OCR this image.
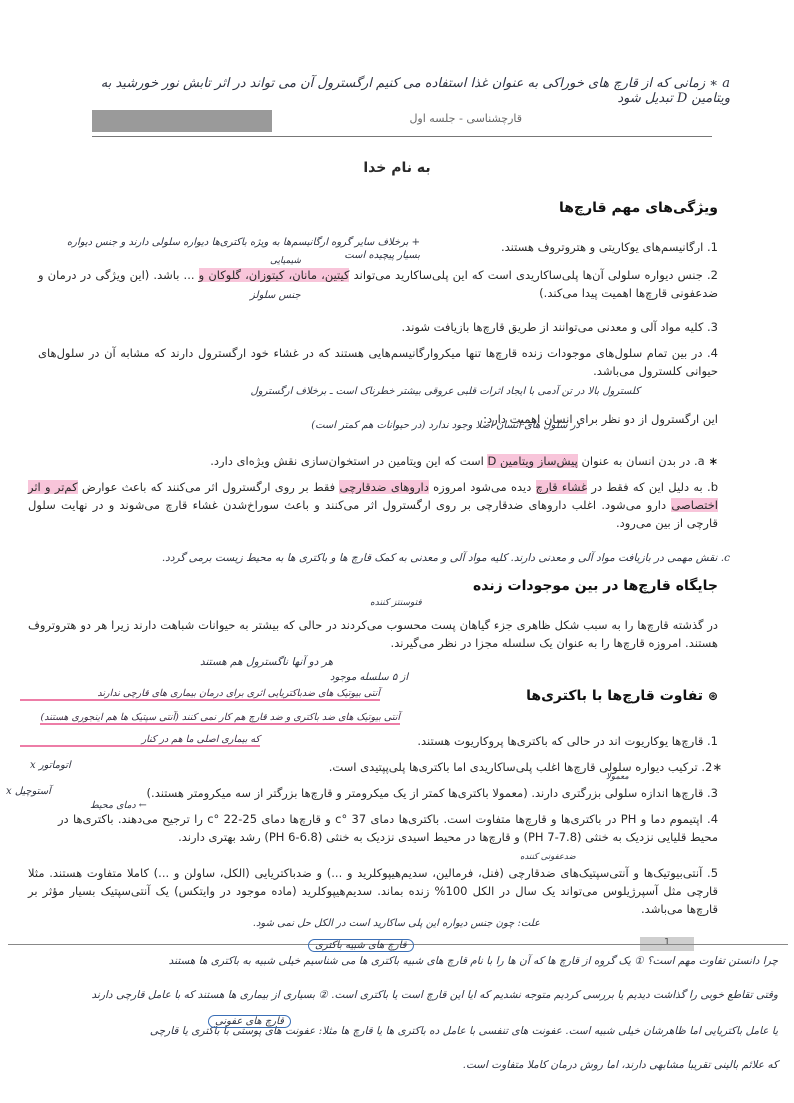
a ∗ زمانی که از قارچ های خوراکی به عنوان غذا استفاده می کنیم ارگسترول آن می تواند در اثر تابش نور خورشید به ویتامین D تبدیل شود
قارچشناسی - جلسه اول
به نام خدا
ویژگی‌های مهم قارچ‌ها
1. ارگانیسم‌های یوکاریتی و هتروتروف هستند.
+ برخلاف سایر گروه ارگانیسم‌ها به ویژه باکتری‌ها دیواره سلولی دارند و جنس دیواره بسیار پیچیده است
شیمیایی
2. جنس دیواره سلولی آن‌ها پلی‌ساکاریدی است که این پلی‌ساکارید می‌تواند کیتین، مانان، کیتوزان، گلوکان و ... باشد. (این ویژگی در درمان و ضدعفونی قارچ‌ها اهمیت پیدا می‌کند.)
جنس سلولز
3. کلیه مواد آلی و معدنی می‌توانند از طریق قارچ‌ها بازیافت شوند.
4. در بین تمام سلول‌های موجودات زنده قارچ‌ها تنها میکروارگانیسم‌هایی هستند که در غشاء خود ارگسترول دارند که مشابه آن در سلول‌های حیوانی کلسترول می‌باشد.
کلسترول بالا در تن آدمی با ایجاد اثرات قلبی عروقی بیشتر خطرناک است ـ برخلاف ارگسترول
این ارگسترول از دو نظر برای انسان اهمیت دارد:
در سلول های انسان اصلا وجود ندارد (در حیوانات هم کمتر است)
∗ a. در بدن انسان به عنوان پیش‌ساز ویتامین D است که این ویتامین در استخوان‌سازی نقش ویژه‌ای دارد.
b. به دلیل این که فقط در غشاء قارچ دیده می‌شود امروزه داروهای ضدقارچی فقط بر روی ارگسترول اثر می‌کنند که باعث عوارض کم‌تر و اثر اختصاصی دارو می‌شود. اغلب داروهای ضدقارچی بر روی ارگسترول اثر می‌کنند و باعث سوراخ‌شدن غشاء قارچ می‌شوند و در نهایت سلول قارچی از بین می‌رود.
c. نقش مهمی در بازیافت مواد آلی و معدنی دارند. کلیه مواد آلی و معدنی به کمک قارچ ها و باکتری ها به محیط زیست برمی گردد.
جایگاه قارچ‌ها در بین موجودات زنده
فتوسنتز کننده
در گذشته قارچ‌ها را به سبب شکل ظاهری جزء گیاهان پست محسوب می‌کردند در حالی که بیشتر به حیوانات شباهت دارند زیرا هر دو هتروتروف هستند. امروزه قارچ‌ها را به عنوان یک سلسله مجزا در نظر می‌گیرند.
هر دو آنها ناگسترول هم هستند
از ۵ سلسله موجود
⊛ تفاوت قارچ‌ها با باکتری‌ها
آنتی بیوتیک های ضدباکتریایی اثری برای درمان بیماری های قارچی ندارند
آنتی بیوتیک های ضد باکتری و ضد قارچ هم کار نمی کنند (آنتی سپتیک ها هم اینجوری هستند)
که بیماری اصلی ما هم در کنار	1. قارچ‌ها یوکاریوت اند در حالی که باکتری‌ها پروکاریوت هستند.
∗2. ترکیب دیواره سلولی قارچ‌ها اغلب پلی‌ساکاریدی اما باکتری‌ها پلی‌پپتیدی است.
معمولا
3. قارچ‌ها اندازه سلولی بزرگتری دارند. (معمولا باکتری‌ها کمتر از یک میکرومتر و قارچ‌ها بزرگتر از سه میکرومتر هستند.)
اتوماتور x
آستوچیل x
← دمای محیط
4. اپتیموم دما و PH در باکتری‌ها و قارچ‌ها متفاوت است. باکتری‌ها دمای 37 °c و قارچ‌ها دمای 25-22 °c را ترجیح می‌دهند. باکتری‌ها در محیط قلیایی نزدیک به خنثی (7.8-7 PH) و قارچ‌ها در محیط اسیدی نزدیک به خنثی (6.8-6 PH) رشد بهتری دارند.
ضدعفونی کننده
5. آنتی‌بیوتیک‌ها و آنتی‌سپتیک‌های ضدقارچی (فنل، فرمالین، سدیم‌هیپوکلرید و ...) و ضدباکتریایی (الکل، ساولن و ...) کاملا متفاوت هستند. مثلا قارچی مثل آسپرژیلوس می‌تواند یک سال در الکل 100% زنده بماند. سدیم‌هیپوکلرید (ماده موجود در وایتکس) یک آنتی‌سپتیک بسیار مؤثر بر قارچ‌ها می‌باشد.
علت: چون جنس دیواره این پلی ساکارید است در الکل حل نمی شود.
1
چرا دانستن تفاوت مهم است؟ ① یک گروه از قارچ ها که آن ها را با نام قارچ های شبیه باکتری ها می شناسیم خیلی شبیه به باکتری ها هستند
وقتی تقاطع خوبی را گذاشت دیدیم یا بررسی کردیم متوجه نشدیم که ایا این قارچ است یا باکتری است. ② بسیاری از بیماری ها هستند که با عامل قارچی دارند
یا عامل باکتریایی اما ظاهرشان خیلی شبیه است. عفونت های تنفسی با عامل ده باکتری ها یا قارچ ها مثلا: عفونت های پوستی با باکتری یا قارچی
که علائم بالینی تقریبا مشابهی دارند، اما روش درمان کاملا متفاوت است.
قارچ های شبیه باکتری
قارچ های عفونی
